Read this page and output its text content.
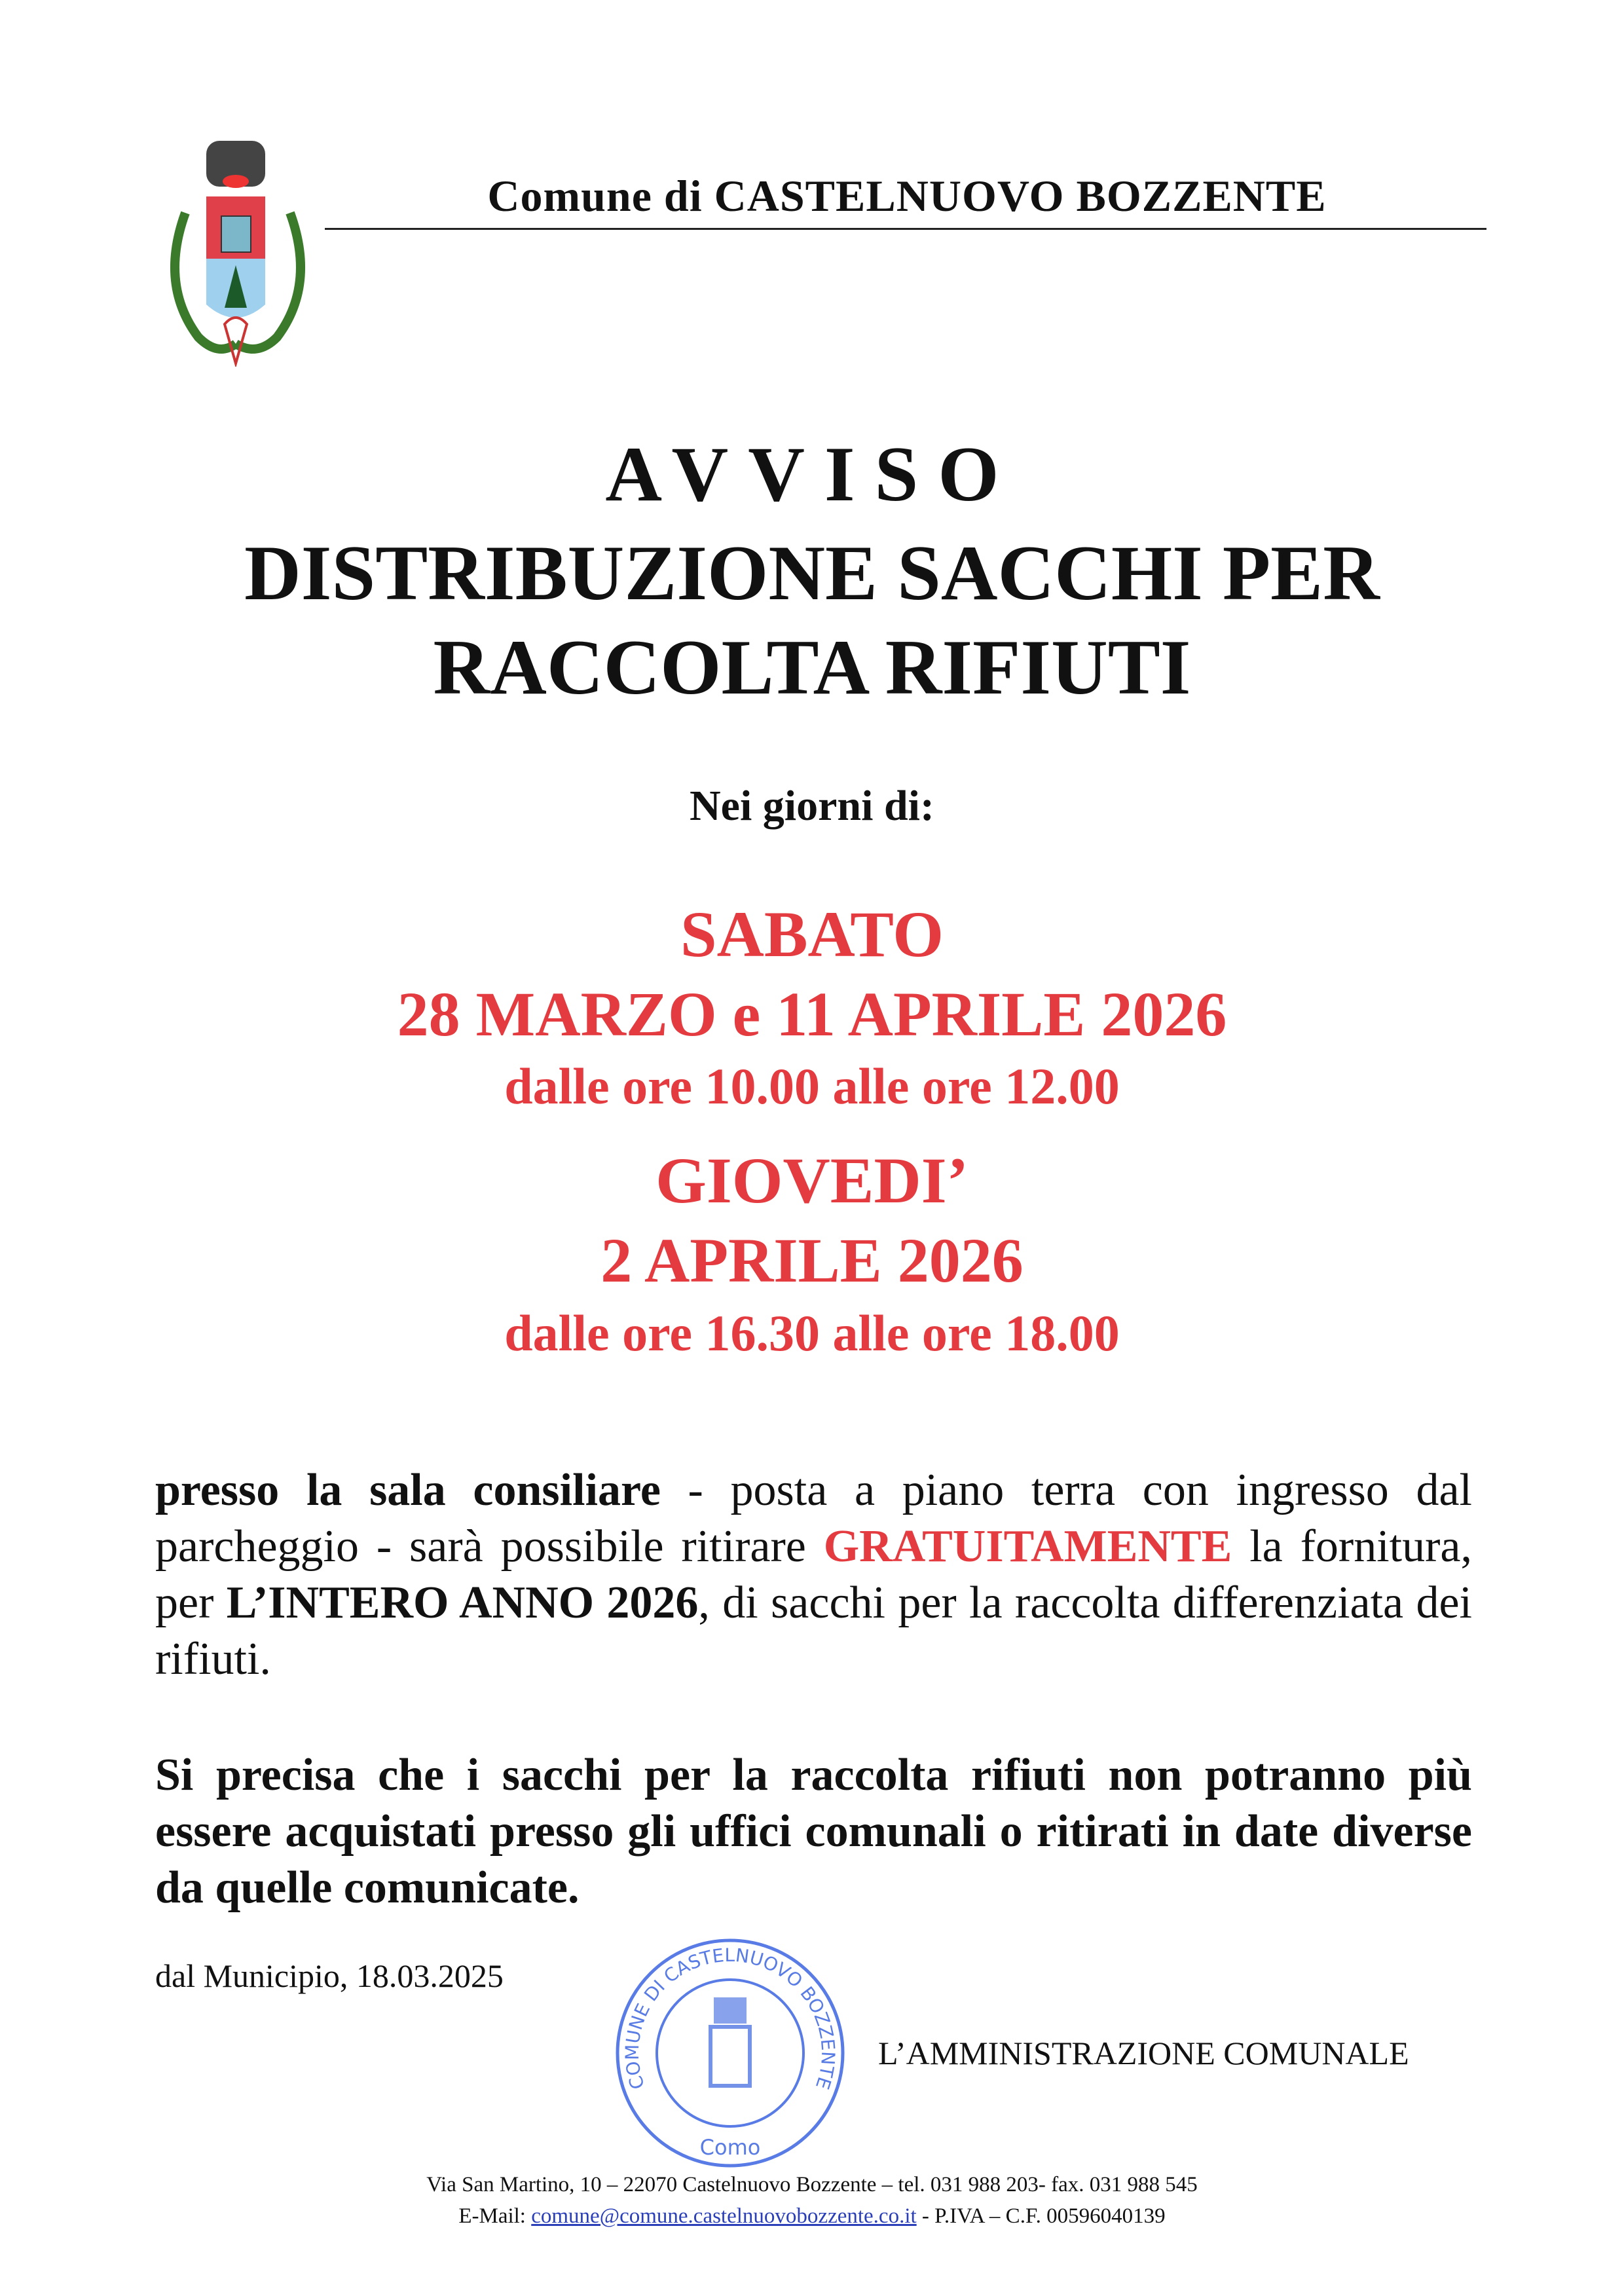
Comune di CASTELNUOVO BOZZENTE
AVVISO
DISTRIBUZIONE SACCHI PER
RACCOLTA RIFIUTI
Nei giorni di:
SABATO
28 MARZO e 11 APRILE 2026
dalle ore 10.00 alle ore 12.00
GIOVEDI’
2 APRILE 2026
dalle ore 16.30 alle ore 18.00
presso la sala consiliare - posta a piano terra con ingresso dal parcheggio - sarà possibile ritirare GRATUITAMENTE la fornitura, per L’INTERO ANNO 2026, di sacchi per la raccolta differenziata dei rifiuti.
Si precisa che i sacchi per la raccolta rifiuti non potranno più essere acquistati presso gli uffici comunali o ritirati in date diverse da quelle comunicate.
dal Municipio, 18.03.2025
COMUNE DI CASTELNUOVO BOZZENTE
Como
L’AMMINISTRAZIONE COMUNALE
Via San Martino, 10 – 22070 Castelnuovo Bozzente – tel. 031 988 203- fax. 031 988 545
E-Mail: comune@comune.castelnuovobozzente.co.it - P.IVA – C.F. 00596040139
